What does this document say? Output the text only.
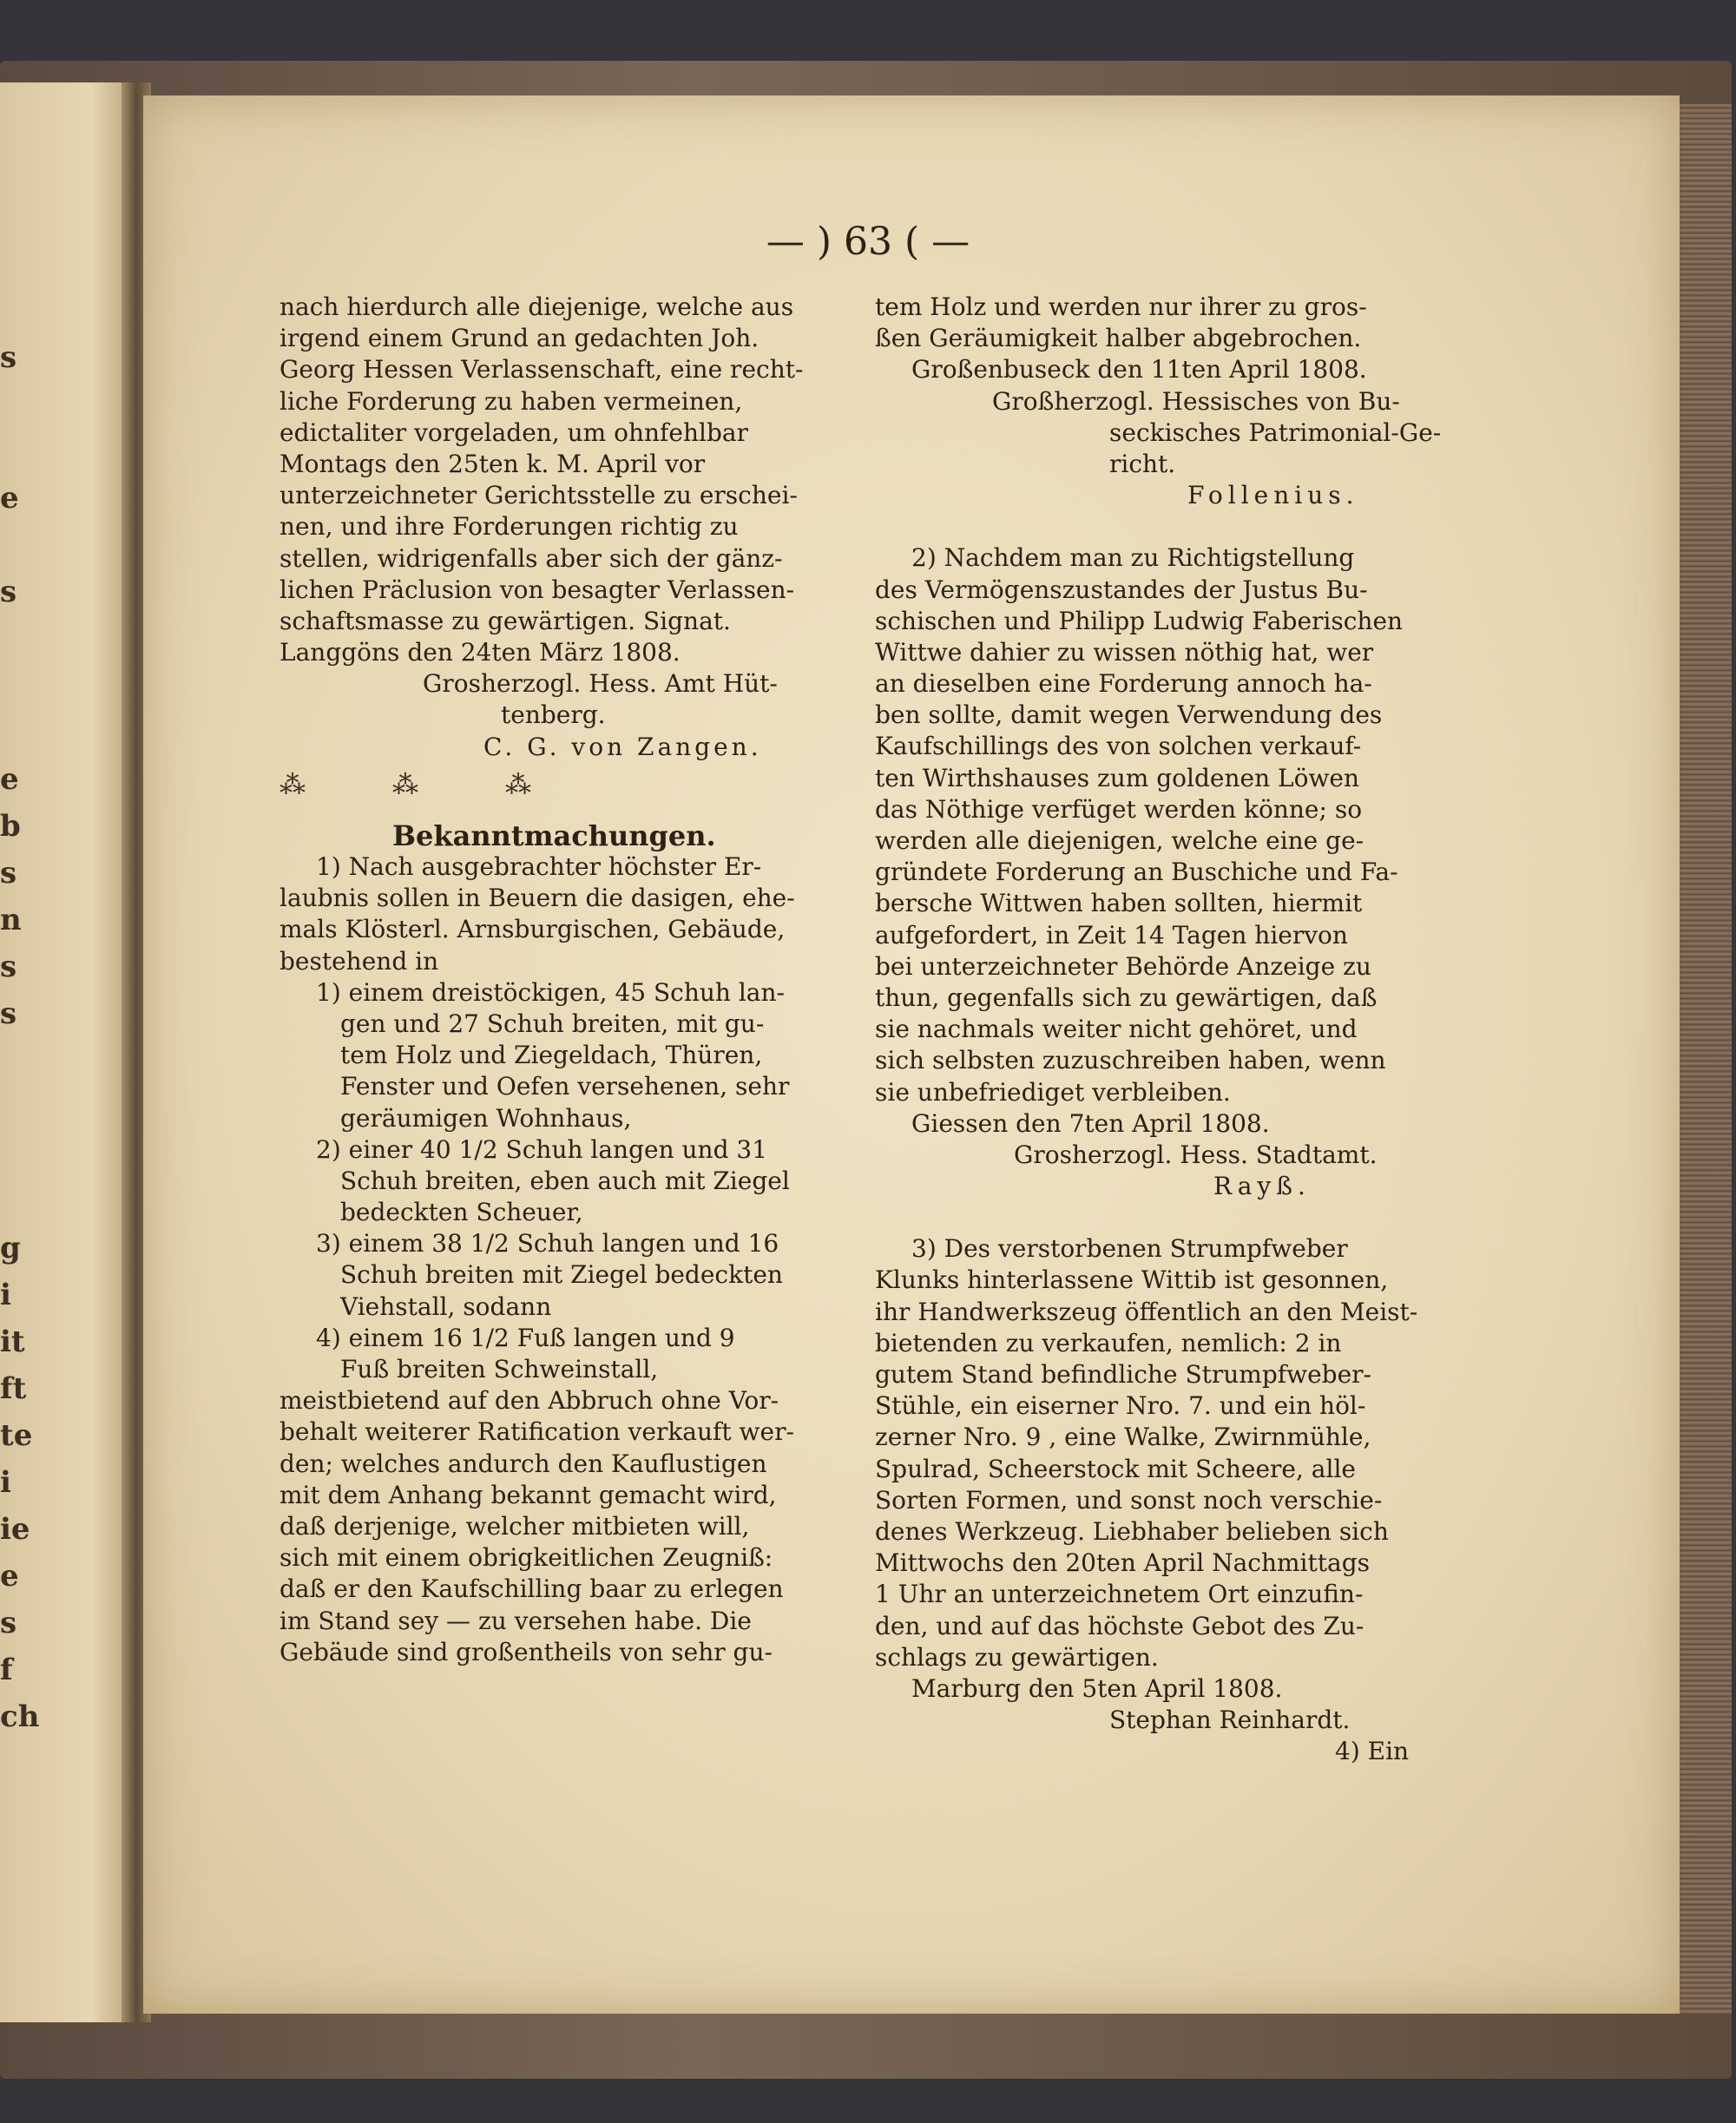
s
e
s
e
b
s
n
s
s
g
i
it
ft
te
i
ie
e
s
f
ch
— ) 63 ( —
nach hierdurch alle diejenige, welche aus
irgend einem Grund an gedachten Joh.
Georg Hessen Verlassenschaft, eine recht-
liche Forderung zu haben vermeinen,
edictaliter vorgeladen, um ohnfehlbar
Montags den 25ten k. M. April vor
unterzeichneter Gerichtsstelle zu erschei-
nen, und ihre Forderungen richtig zu
stellen, widrigenfalls aber sich der gänz-
lichen Präclusion von besagter Verlassen-
schaftsmasse zu gewärtigen. Signat.
Langgöns den 24ten März 1808.
Grosherzogl. Hess. Amt Hüt-
tenberg.
C. G. von Zangen.
⁂	⁂	⁂
Bekanntmachungen.
1) Nach ausgebrachter höchster Er-
laubnis sollen in Beuern die dasigen, ehe-
mals Klösterl. Arnsburgischen, Gebäude,
bestehend in
1) einem dreistöckigen, 45 Schuh lan-
gen und 27 Schuh breiten, mit gu-
tem Holz und Ziegeldach, Thüren,
Fenster und Oefen versehenen, sehr
geräumigen Wohnhaus,
2) einer 40 1/2 Schuh langen und 31
Schuh breiten, eben auch mit Ziegel
bedeckten Scheuer,
3) einem 38 1/2 Schuh langen und 16
Schuh breiten mit Ziegel bedeckten
Viehstall, sodann
4) einem 16 1/2 Fuß langen und 9
Fuß breiten Schweinstall,
meistbietend auf den Abbruch ohne Vor-
behalt weiterer Ratification verkauft wer-
den; welches andurch den Kauflustigen
mit dem Anhang bekannt gemacht wird,
daß derjenige, welcher mitbieten will,
sich mit einem obrigkeitlichen Zeugniß:
daß er den Kaufschilling baar zu erlegen
im Stand sey — zu versehen habe. Die
Gebäude sind großentheils von sehr gu-
tem Holz und werden nur ihrer zu gros-
ßen Geräumigkeit halber abgebrochen.
Großenbuseck den 11ten April 1808.
Großherzogl. Hessisches von Bu-
seckisches Patrimonial-Ge-
richt.
Follenius.
2) Nachdem man zu Richtigstellung
des Vermögenszustandes der Justus Bu-
schischen und Philipp Ludwig Faberischen
Wittwe dahier zu wissen nöthig hat, wer
an dieselben eine Forderung annoch ha-
ben sollte, damit wegen Verwendung des
Kaufschillings des von solchen verkauf-
ten Wirthshauses zum goldenen Löwen
das Nöthige verfüget werden könne; so
werden alle diejenigen, welche eine ge-
gründete Forderung an Buschiche und Fa-
bersche Wittwen haben sollten, hiermit
aufgefordert, in Zeit 14 Tagen hiervon
bei unterzeichneter Behörde Anzeige zu
thun, gegenfalls sich zu gewärtigen, daß
sie nachmals weiter nicht gehöret, und
sich selbsten zuzuschreiben haben, wenn
sie unbefriediget verbleiben.
Giessen den 7ten April 1808.
Grosherzogl. Hess. Stadtamt.
Rayß.
3) Des verstorbenen Strumpfweber
Klunks hinterlassene Wittib ist gesonnen,
ihr Handwerkszeug öffentlich an den Meist-
bietenden zu verkaufen, nemlich: 2 in
gutem Stand befindliche Strumpfweber-
Stühle, ein eiserner Nro. 7. und ein höl-
zerner Nro. 9 , eine Walke, Zwirnmühle,
Spulrad, Scheerstock mit Scheere, alle
Sorten Formen, und sonst noch verschie-
denes Werkzeug. Liebhaber belieben sich
Mittwochs den 20ten April Nachmittags
1 Uhr an unterzeichnetem Ort einzufin-
den, und auf das höchste Gebot des Zu-
schlags zu gewärtigen.
Marburg den 5ten April 1808.
Stephan Reinhardt.
4) Ein
